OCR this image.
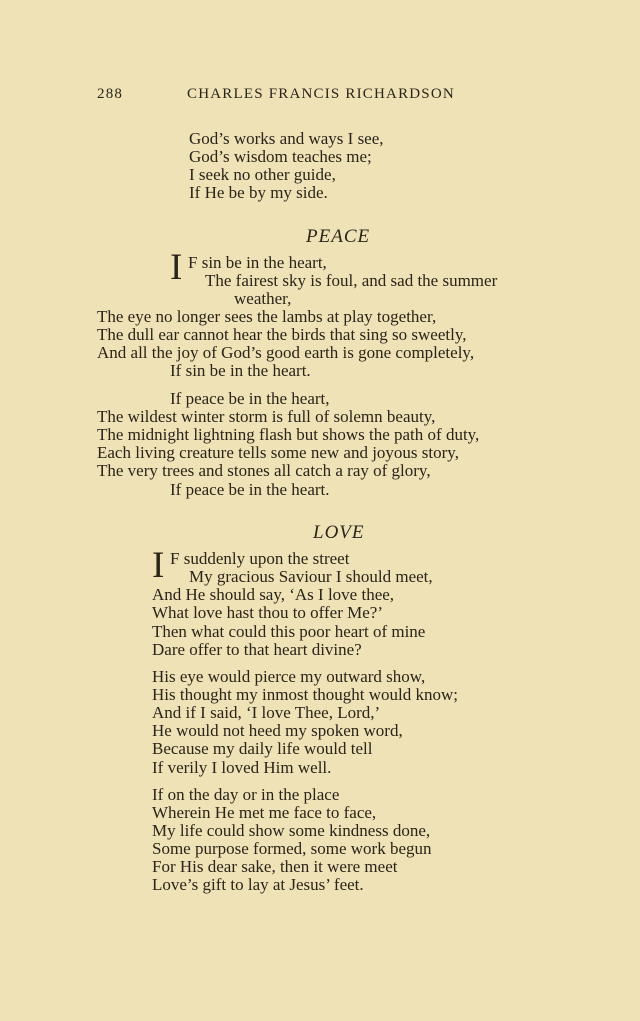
288	CHARLES FRANCIS RICHARDSON
God’s works and ways I see,
God’s wisdom teaches me;
I seek no other guide,
If He be by my side.
PEACE
I F sin be in the heart,
The fairest sky is foul, and sad the summer
weather,
The eye no longer sees the lambs at play together,
The dull ear cannot hear the birds that sing so sweetly,
And all the joy of God’s good earth is gone completely,
If sin be in the heart.
If peace be in the heart,
The wildest winter storm is full of solemn beauty,
The midnight lightning flash but shows the path of duty,
Each living creature tells some new and joyous story,
The very trees and stones all catch a ray of glory,
If peace be in the heart.
LOVE
I F suddenly upon the street
My gracious Saviour I should meet,
And He should say, ‘As I love thee,
What love hast thou to offer Me?’
Then what could this poor heart of mine
Dare offer to that heart divine?
His eye would pierce my outward show,
His thought my inmost thought would know;
And if I said, ‘I love Thee, Lord,’
He would not heed my spoken word,
Because my daily life would tell
If verily I loved Him well.
If on the day or in the place
Wherein He met me face to face,
My life could show some kindness done,
Some purpose formed, some work begun
For His dear sake, then it were meet
Love’s gift to lay at Jesus’ feet.
